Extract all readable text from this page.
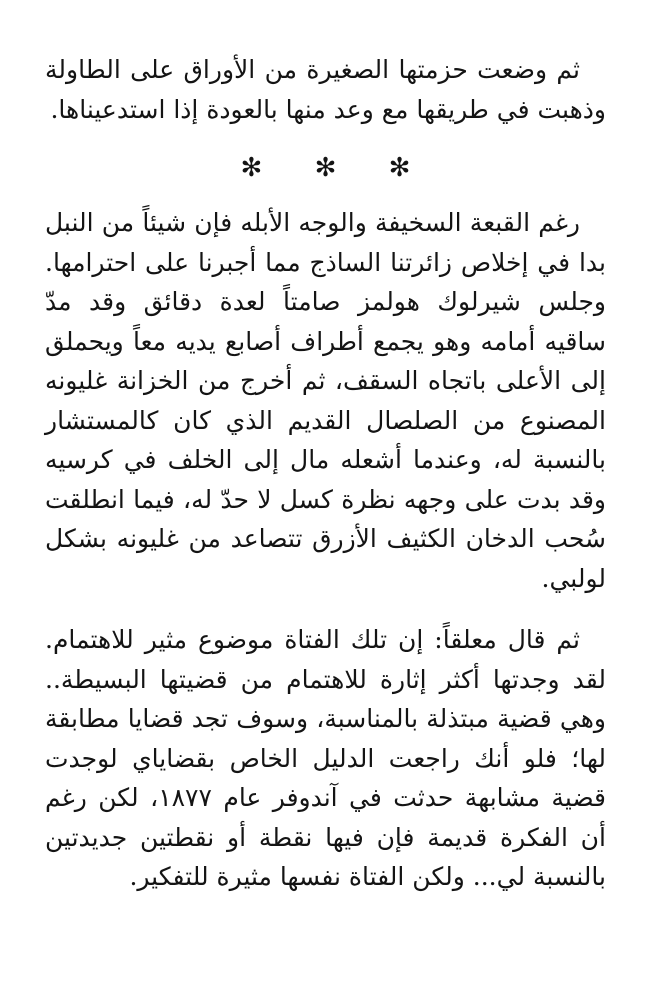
ثم وضعت حزمتها الصغيرة من الأوراق على الطاولة وذهبت في طريقها مع وعد منها بالعودة إذا استدعيناها.

✻ ✻ ✻

رغم القبعة السخيفة والوجه الأبله فإن شيئاً من النبل بدا في إخلاص زائرتنا الساذج مما أجبرنا على احترامها. وجلس شيرلوك هولمز صامتاً لعدة دقائق وقد مدّ ساقيه أمامه وهو يجمع أطراف أصابع يديه معاً ويحملق إلى الأعلى باتجاه السقف، ثم أخرج من الخزانة غليونه المصنوع من الصلصال القديم الذي كان كالمستشار بالنسبة له، وعندما أشعله مال إلى الخلف في كرسيه وقد بدت على وجهه نظرة كسل لا حدّ له، فيما انطلقت سُحب الدخان الكثيف الأزرق تتصاعد من غليونه بشكل لولبي.

ثم قال معلقاً: إن تلك الفتاة موضوع مثير للاهتمام. لقد وجدتها أكثر إثارة للاهتمام من قضيتها البسيطة.. وهي قضية مبتذلة بالمناسبة، وسوف تجد قضايا مطابقة لها؛ فلو أنك راجعت الدليل الخاص بقضاياي لوجدت قضية مشابهة حدثت في آندوفر عام ١٨٧٧، لكن رغم أن الفكرة قديمة فإن فيها نقطة أو نقطتين جديدتين بالنسبة لي... ولكن الفتاة نفسها مثيرة للتفكير.
